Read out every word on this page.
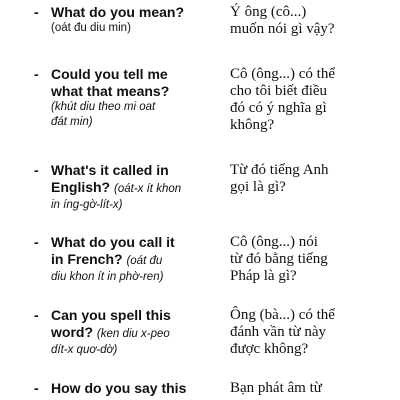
- What do you mean?
(oát đu diu min)
Ý ông (cô...)
muốn nói gì vậy?
- Could you tell me
what that means?
(khút diu theo mi oat
đát min)
Cô (ông...) có thể
cho tôi biết điều
đó có ý nghĩa gì
không?
- What's it called in
English? (oát-x ít khon
in íng-gờ-lít-x)
Từ đó tiếng Anh
gọi là gì?
- What do you call it
in French? (oát đu
diu khon ít in phờ-ren)
Cô (ông...) nói
từ đó bằng tiếng
Pháp là gì?
- Can you spell this
word? (ken diu x-peo
dít-x quơ-dờ)
Ông (bà...) có thể
đánh vần từ này
được không?
- How do you say this	Bạn phát âm từ
